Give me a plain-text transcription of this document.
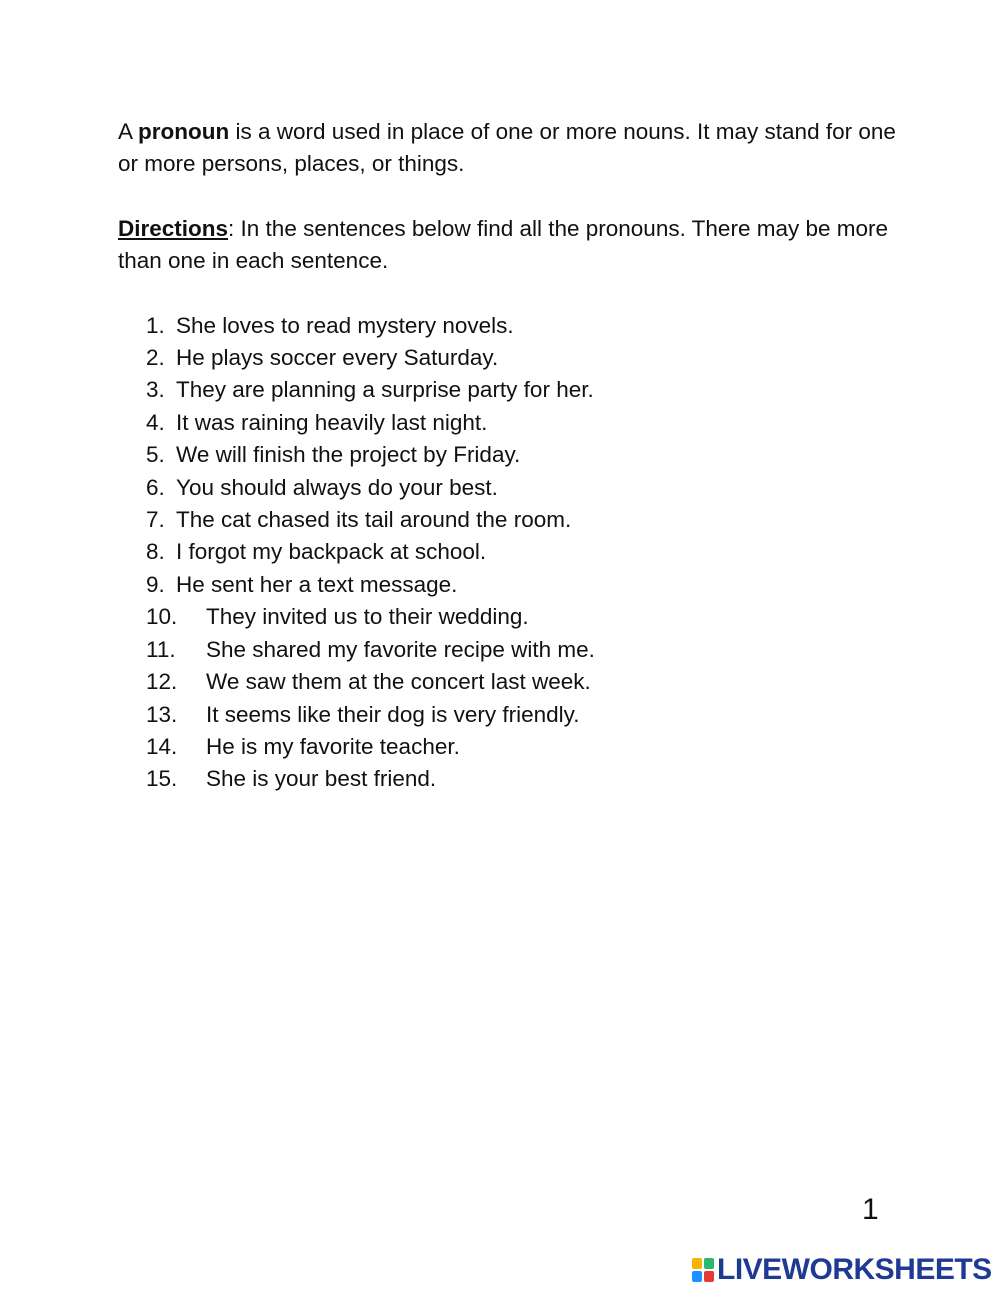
A pronoun is a word used in place of one or more nouns. It may stand for one or more persons, places, or things.

Directions: In the sentences below find all the pronouns. There may be more than one in each sentence.

1. She loves to read mystery novels.
2. He plays soccer every Saturday.
3. They are planning a surprise party for her.
4. It was raining heavily last night.
5. We will finish the project by Friday.
6. You should always do your best.
7. The cat chased its tail around the room.
8. I forgot my backpack at school.
9. He sent her a text message.
10.	They invited us to their wedding.
11.	She shared my favorite recipe with me.
12.	We saw them at the concert last week.
13.	It seems like their dog is very friendly.
14.	He is my favorite teacher.
15.	She is your best friend.
1
LIVEWORKSHEETS
